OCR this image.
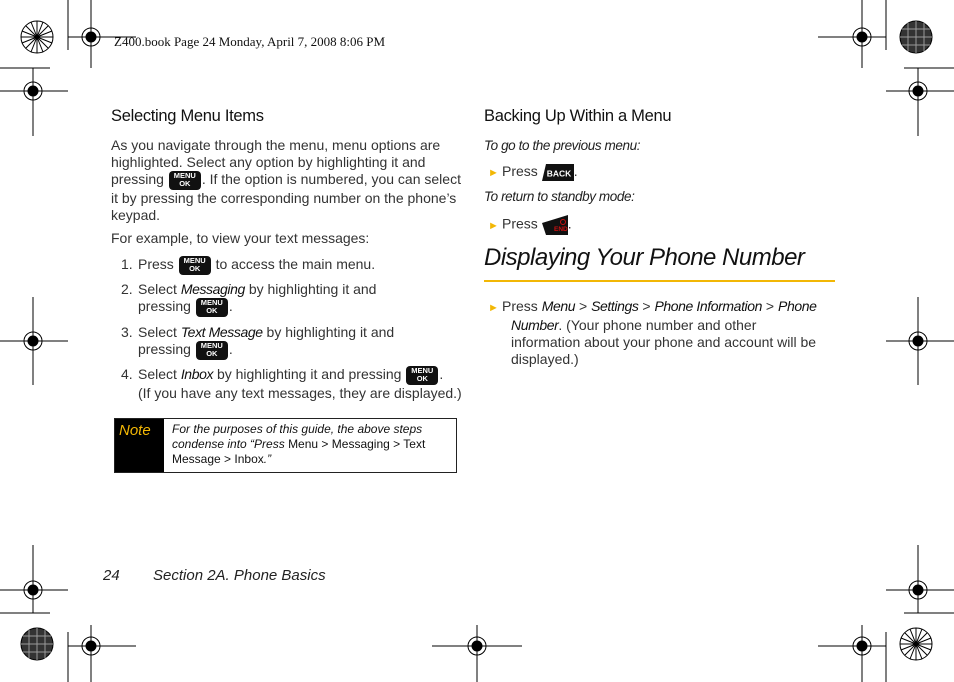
Z400.book Page 24 Monday, April 7, 2008 8:06 PM
Selecting Menu Items
As you navigate through the menu, menu options are highlighted. Select any option by highlighting it and pressing	MENU
OK . If the option is numbered, you can select it by pressing the corresponding number on the phone’s keypad.
For example, to view your text messages:
1. Press	MENU
OK	to access the main menu.
2. Select Messaging by highlighting it and
pressing	MENU
OK .
3. Select Text Message by highlighting it and
pressing	MENU
OK .
4. Select Inbox by highlighting it and pressing	MENU
OK .
(If you have any text messages, they are displayed.)
Note	For the purposes of this guide, the above steps condense into “Press Menu > Messaging > Text Message > Inbox.”
Backing Up Within a Menu
To go to the previous menu:
► Press BACK .
To return to standby mode:
► Press END .
Displaying Your Phone Number
► Press Menu > Settings > Phone Information > Phone
Number. (Your phone number and other
information about your phone and account will be
displayed.)
24 Section 2A. Phone Basics
